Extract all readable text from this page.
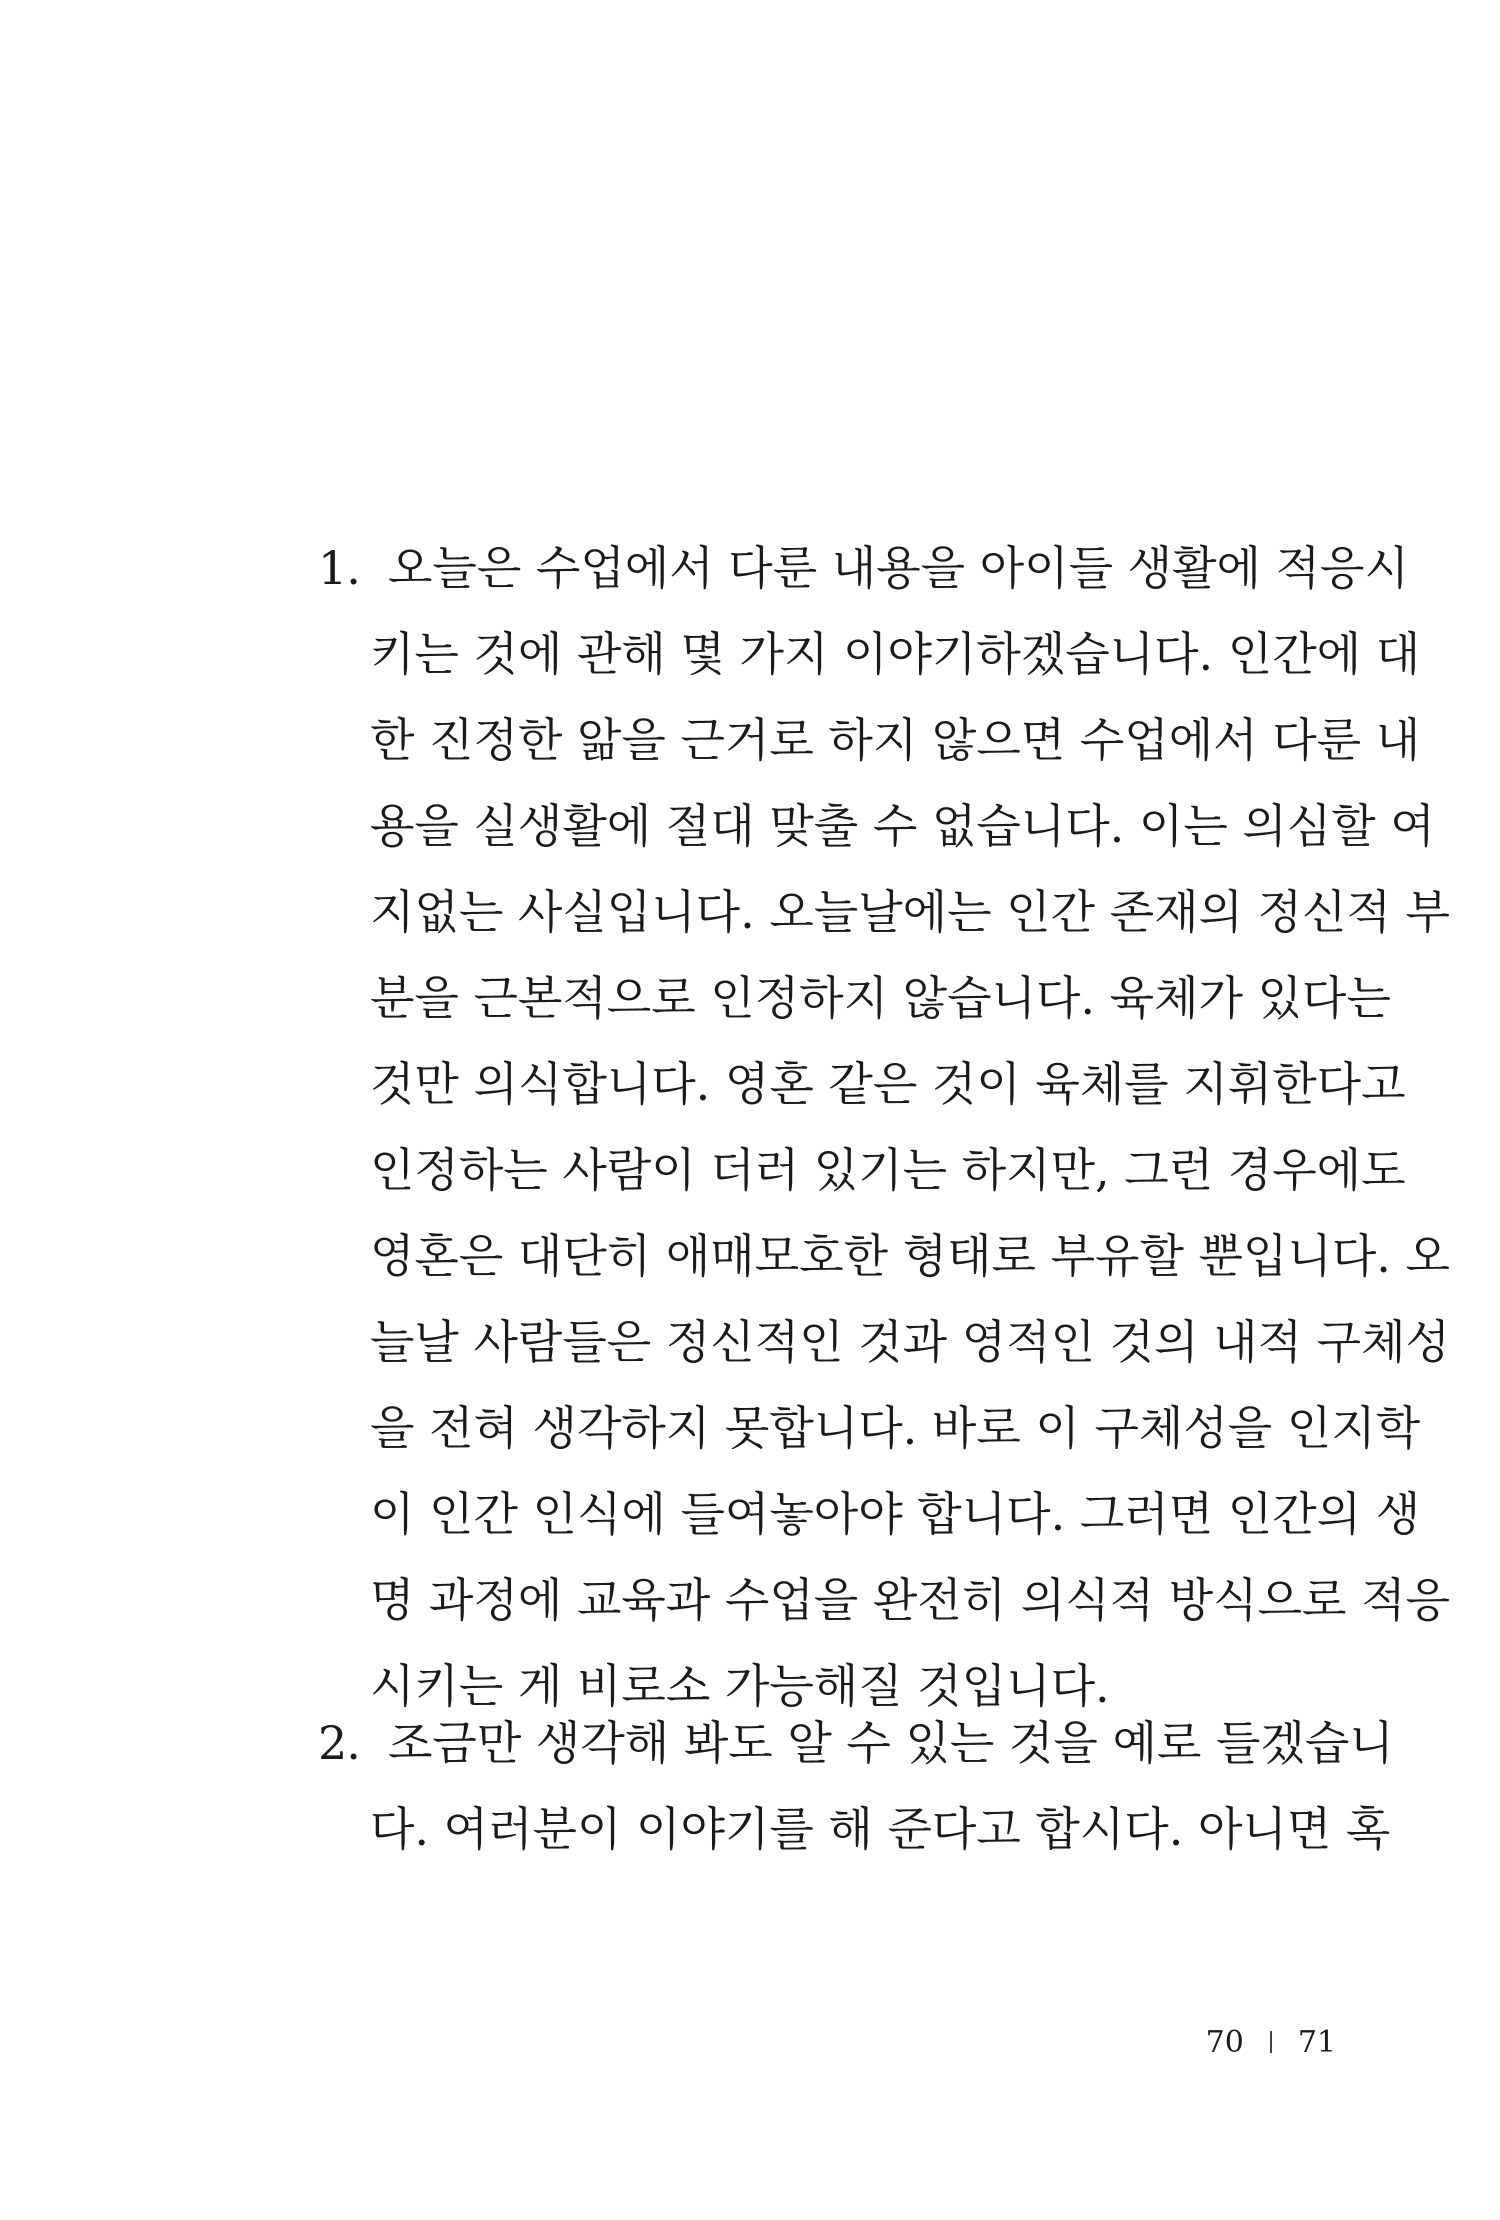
1. 오늘은 수업에서 다룬 내용을 아이들 생활에 적응시
키는 것에 관해 몇 가지 이야기하겠습니다. 인간에 대
한 진정한 앎을 근거로 하지 않으면 수업에서 다룬 내
용을 실생활에 절대 맞출 수 없습니다. 이는 의심할 여
지없는 사실입니다. 오늘날에는 인간 존재의 정신적 부
분을 근본적으로 인정하지 않습니다. 육체가 있다는
것만 의식합니다. 영혼 같은 것이 육체를 지휘한다고
인정하는 사람이 더러 있기는 하지만, 그런 경우에도
영혼은 대단히 애매모호한 형태로 부유할 뿐입니다. 오
늘날 사람들은 정신적인 것과 영적인 것의 내적 구체성
을 전혀 생각하지 못합니다. 바로 이 구체성을 인지학
이 인간 인식에 들여놓아야 합니다. 그러면 인간의 생
명 과정에 교육과 수업을 완전히 의식적 방식으로 적응
시키는 게 비로소 가능해질 것입니다.
2. 조금만 생각해 봐도 알 수 있는 것을 예로 들겠습니
다. 여러분이 이야기를 해 준다고 합시다. 아니면 혹
70 71
